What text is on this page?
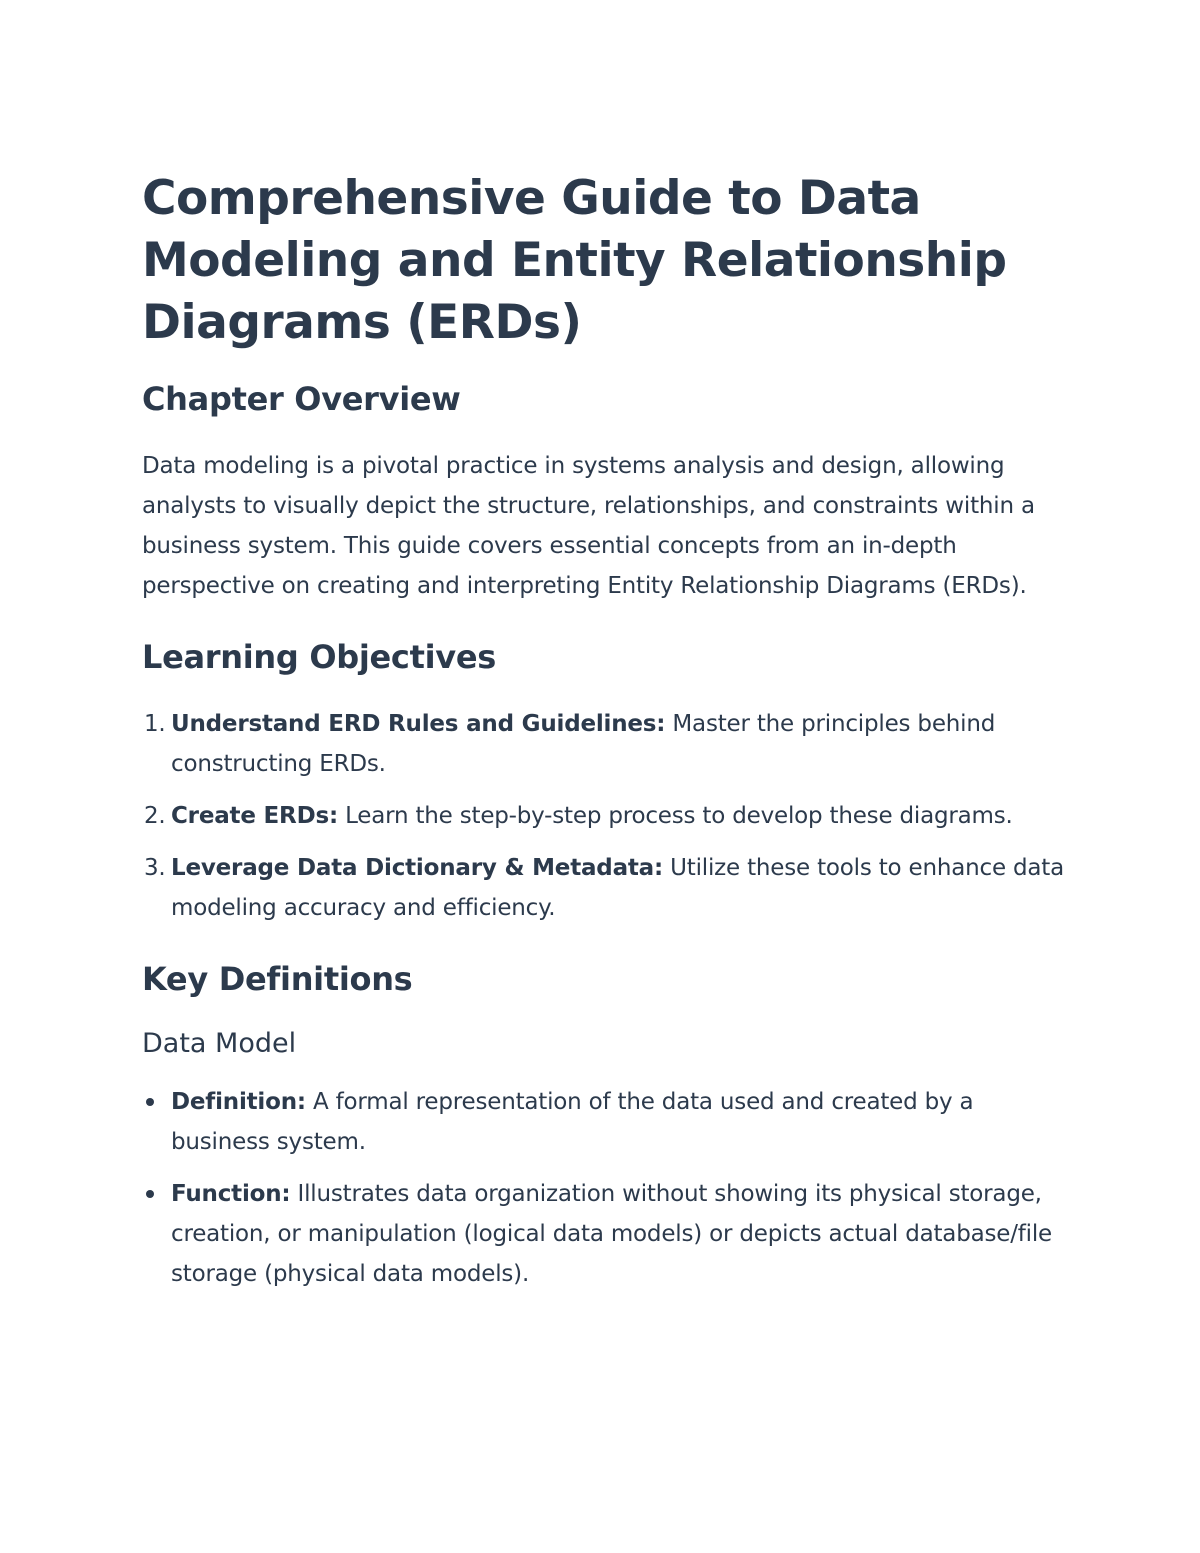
Comprehensive Guide to Data Modeling and Entity Relationship Diagrams (ERDs)
Chapter Overview

Data modeling is a pivotal practice in systems analysis and design, allowing analysts to visually depict the structure, relationships, and constraints within a business system. This guide covers essential concepts from an in-depth perspective on creating and interpreting Entity Relationship Diagrams (ERDs).

Learning Objectives
1. Understand ERD Rules and Guidelines: Master the principles behind constructing ERDs.
2. Create ERDs: Learn the step-by-step process to develop these diagrams.
3. Leverage Data Dictionary & Metadata: Utilize these tools to enhance data modeling accuracy and efficiency.
Key Definitions
Data Model
Definition: A formal representation of the data used and created by a business system.
Function: Illustrates data organization without showing its physical storage, creation, or manipulation (logical data models) or depicts actual database/file storage (physical data models).
